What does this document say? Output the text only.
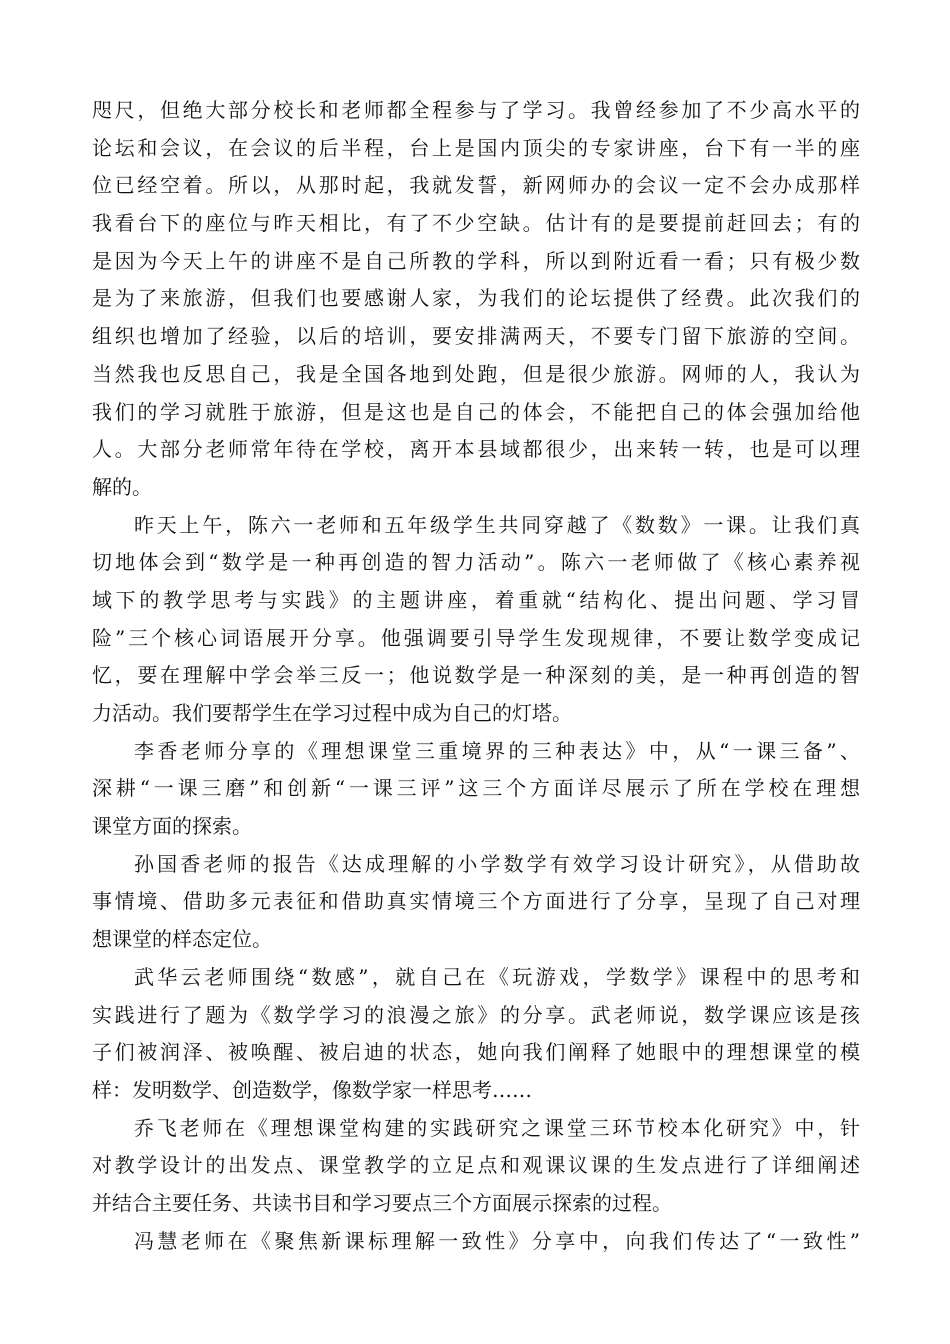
咫尺，但绝大部分校长和老师都全程参与了学习。我曾经参加了不少高水平的
论坛和会议，在会议的后半程，台上是国内顶尖的专家讲座，台下有一半的座
位已经空着。所以，从那时起，我就发誓，新网师办的会议一定不会办成那样
我看台下的座位与昨天相比，有了不少空缺。估计有的是要提前赶回去；有的
是因为今天上午的讲座不是自己所教的学科，所以到附近看一看；只有极少数
是为了来旅游，但我们也要感谢人家，为我们的论坛提供了经费。此次我们的
组织也增加了经验，以后的培训，要安排满两天，不要专门留下旅游的空间。
当然我也反思自己，我是全国各地到处跑，但是很少旅游。网师的人，我认为
我们的学习就胜于旅游，但是这也是自己的体会，不能把自己的体会强加给他
人。大部分老师常年待在学校，离开本县域都很少，出来转一转，也是可以理
解的。
昨天上午，陈六一老师和五年级学生共同穿越了《数数》一课。让我们真
切地体会到“数学是一种再创造的智力活动”。陈六一老师做了《核心素养视
域下的教学思考与实践》的主题讲座，着重就“结构化、提出问题、学习冒
险”三个核心词语展开分享。他强调要引导学生发现规律，不要让数学变成记
忆，要在理解中学会举三反一；他说数学是一种深刻的美，是一种再创造的智
力活动。我们要帮学生在学习过程中成为自己的灯塔。
李香老师分享的《理想课堂三重境界的三种表达》中，从“一课三备”、
深耕“一课三磨”和创新“一课三评”这三个方面详尽展示了所在学校在理想
课堂方面的探索。
孙国香老师的报告《达成理解的小学数学有效学习设计研究》，从借助故
事情境、借助多元表征和借助真实情境三个方面进行了分享，呈现了自己对理
想课堂的样态定位。
武华云老师围绕“数感”，就自己在《玩游戏，学数学》课程中的思考和
实践进行了题为《数学学习的浪漫之旅》的分享。武老师说，数学课应该是孩
子们被润泽、被唤醒、被启迪的状态，她向我们阐释了她眼中的理想课堂的模
样：发明数学、创造数学，像数学家一样思考……
乔飞老师在《理想课堂构建的实践研究之课堂三环节校本化研究》中，针
对教学设计的出发点、课堂教学的立足点和观课议课的生发点进行了详细阐述
并结合主要任务、共读书目和学习要点三个方面展示探索的过程。
冯慧老师在《聚焦新课标理解一致性》分享中，向我们传达了“一致性”
